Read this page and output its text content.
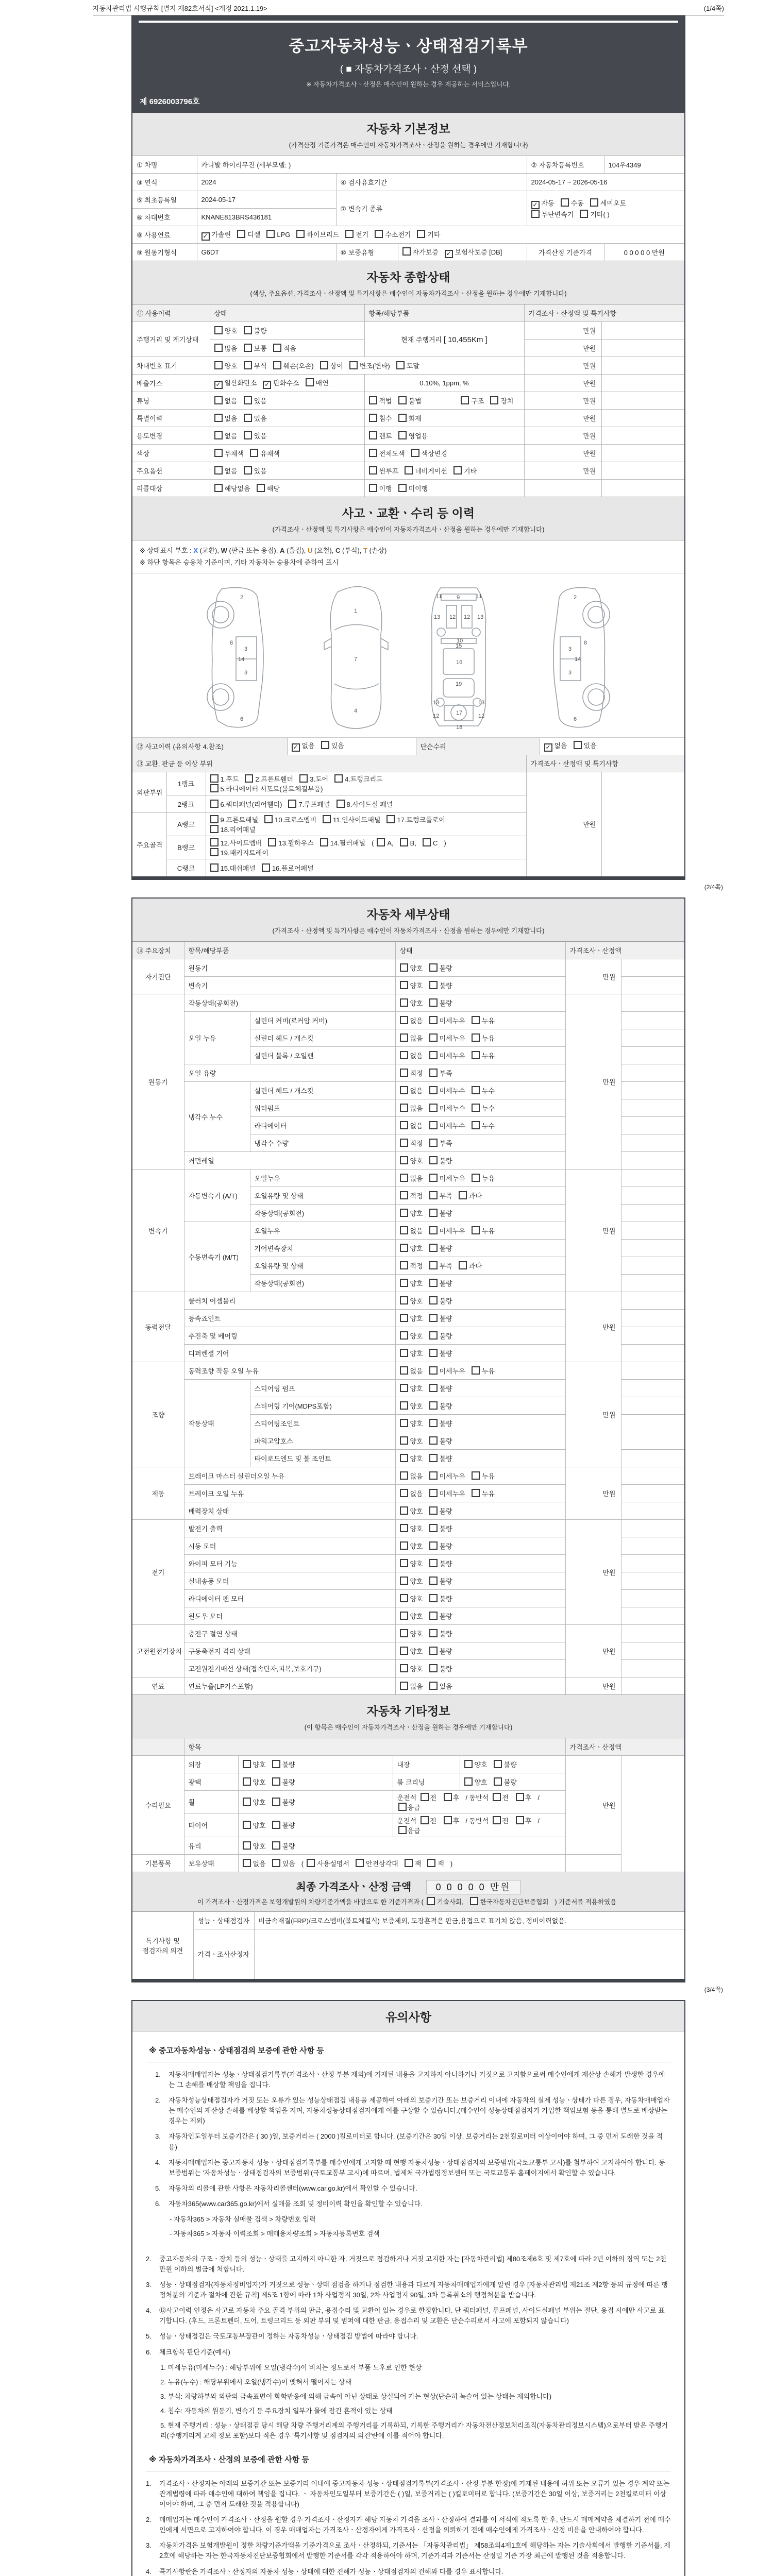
자동차관리법 시행규칙 [별지 제82호서식] <개정 2021.1.19>	(1/4쪽)
중고자동차성능ㆍ상태점검기록부
( ■ 자동차가격조사ㆍ산정 선택 )
※ 자동차가격조사ㆍ산정은 매수인이 원하는 경우 제공하는 서비스입니다.
제 6926003796호
자동차 기본정보
(가격산정 기준가격은 매수인이 자동차가격조사ㆍ산정을 원하는 경우에만 기재합니다)
① 차명	카니발 하이리무진 (세부모델: )			② 자동차등록번호	104우4349
③ 연식	2024	④ 검사유효기간		2024-05-17 ~ 2026-05-16	
⑤ 최초등록일	2024-05-17	⑦ 변속기 종류		✓ 자동 수동 세미오토
무단변속기 기타( )	
⑥ 차대번호	KNANE813BRS436181				
⑧ 사용연료	✓ 가솔린 디젤 LPG 하이브리드 전기 수소전기 기타				
⑨ 원동기형식	G6DT	⑩ 보증유형	자가보증 ✓ 보험사보증 [DB]	가격산정 기준가격	0 0 0 0 0 만원
자동차 종합상태
(색상, 주요옵션, 가격조사ㆍ산정액 및 특기사항은 매수인이 자동차가격조사ㆍ산정을 원하는 경우에만 기재합니다)
⑪ 사용이력	상태	항목/해당부품	가격조사ㆍ산정액 및 특기사항	
주행거리 및 계기상태	양호 불량	현재 주행거리 [ 10,455Km ]	만원	
	많음 보통 적음		만원	
차대번호 표기	양호 부식 훼손(오손) 상이 변조(변타) 도말		만원	
배출가스	✓ 일산화탄소 ✓ 탄화수소 매연	0.10%, 1ppm, %	만원	
튜닝	없음 있음	적법 불법 구조 장치	만원	
특별이력	없음 있음	침수 화재	만원	
용도변경	없음 있음	렌트 영업용	만원	
색상	무채색 유채색	전체도색 색상변경	만원	
주요옵션	없음 있음	썬루프 네비게이션 기타	만원	
리콜대상	해당없음 해당	이행 미이행		
사고ㆍ교환ㆍ수리 등 이력
(가격조사ㆍ산정액 및 특기사항은 매수인이 자동차가격조사ㆍ산정을 원하는 경우에만 기재합니다)
※ 상태표시 부호 : X (교환), W (판금 또는 용접), A (흠집), U (요철), C (부식), T (손상)
※ 하단 항목은 승용차 기준이며, 기타 자동차는 승용차에 준하여 표시
2
8
3
14
3
6
1
7
4
11	9	11
13 12 12 13
10
15
16
19
13	13
12	17	12
18
2
8
3
14
3
6
⑫ 사고이력 (유의사항 4.참조)	✓ 없음 있음	단순수리	✓ 없음 있음
⑬ 교환, 판금 등 이상 부위			가격조사ㆍ산정액 및 특기사항	
외판부위	1랭크	1.후드 2.프론트휀더 3.도어 4.트렁크리드
5.라디에이터 서포트(볼트체결부품)	만원	
	2랭크	6.쿼터패널(리어휀더) 7.루프패널 8.사이드실 패널		
주요골격	A랭크	9.프론트패널 10.크로스멤버 11.인사이드패널 17.트렁크플로어
18.리어패널		
	B랭크	12.사이드멤버 13.휠하우스 14.필러패널 ( A, B, C )
19.패키지트레이		
	C랭크	15.대쉬패널 16.플로어패널		
(2/4쪽)
자동차 세부상태
(가격조사ㆍ산정액 및 특기사항은 매수인이 자동차가격조사ㆍ산정을 원하는 경우에만 기재합니다)
⑭ 주요장치	항목/해당부품		상태	가격조사ㆍ산정액	
자기진단	원동기		양호 불량	만원	
	변속기		양호 불량		
원동기	작동상태(공회전)		양호 불량	만원	
	오일 누유	실린더 커버(로커암 커버)	없음 미세누유 누유		
		실린더 헤드 / 개스킷	없음 미세누유 누유		
		실린더 블록 / 오일팬	없음 미세누유 누유		
	오일 유량		적정 부족		
	냉각수 누수	실린더 헤드 / 개스킷	없음 미세누수 누수		
		워터펌프	없음 미세누수 누수		
		라디에이터	없음 미세누수 누수		
		냉각수 수량	적정 부족		
	커먼레일		양호 불량		
변속기	자동변속기 (A/T)	오일누유	없음 미세누유 누유	만원	
		오일유량 및 상태	적정 부족 과다		
		작동상태(공회전)	양호 불량		
	수동변속기 (M/T)	오일누유	없음 미세누유 누유		
		기어변속장치	양호 불량		
		오일유량 및 상태	적정 부족 과다		
		작동상태(공회전)	양호 불량		
동력전달	클러치 어셈블리		양호 불량	만원	
	등속죠인트		양호 불량		
	추진축 및 베어링		양호 불량		
	디퍼렌셜 기어		양호 불량		
조향	동력조향 작동 오일 누유		없음 미세누유 누유	만원	
	작동상태	스티어링 펌프	양호 불량		
		스티어링 기어(MDPS포함)	양호 불량		
		스티어링조인트	양호 불량		
		파워고압호스	양호 불량		
		타이로드엔드 및 볼 조인트	양호 불량		
제동	브레이크 마스터 실린더오일 누유		없음 미세누유 누유	만원	
	브레이크 오일 누유		없음 미세누유 누유		
	배력장치 상태		양호 불량		
전기	발전기 출력		양호 불량	만원	
	시동 모터		양호 불량		
	와이퍼 모터 기능		양호 불량		
	실내송풍 모터		양호 불량		
	라디에이터 팬 모터		양호 불량		
	윈도우 모터		양호 불량		
고전원전기장치	충전구 절연 상태		양호 불량	만원	
	구동축전지 격리 상태		양호 불량		
	고전원전기배선 상태(접속단자,피복,보호기구)		양호 불량		
연료	연료누출(LP가스포함)		없음 있음	만원	
자동차 기타정보
(이 항목은 매수인이 자동차가격조사ㆍ산정을 원하는 경우에만 기재합니다)
	항목				가격조사ㆍ산정액	
수리필요	외장	양호 불량	내장	양호 불량	만원	
	광택	양호 불량	룸 크리닝	양호 불량		
	휠	양호 불량	운전석 전 후 / 동반석 전 후 /응급			
	타이어	양호 불량	운전석 전 후 / 동반석 전 후 /응급			
	유리	양호 불량				
기본품목	보유상태	없음 있음 ( 사용설명서 안전삼각대 잭 잭 )				
최종 가격조사ㆍ산정 금액	0 0 0 0 0 만원
이 가격조사ㆍ산정가격은 보험개발원의 차량기준가액을 바탕으로 한 기준가격과 ( 기술사회,	한국자동차진단보증협회 ) 기준서를 적용하였음
특기사항 및 점검자의 의견	성능ㆍ상태점검자	비금속재질(FRP)/크로스멤버(볼트체결식) 보증제외, 도장흔적은 판금,용접으로 표기치 않음, 정비이력없음.
	가격ㆍ조사산정자	
(3/4쪽)
유의사항
※ 중고자동차성능ㆍ상태점검의 보증에 관한 사항 등
1.	자동차매매업자는 성능ㆍ상태점검기록부(가격조사ㆍ산정 부분 제외)에 기재된 내용을 고지하지 아니하거나 거짓으로 고지함으로써 매수인에게 재산상 손해가 발생한 경우에는 그 손해를 배상할 책임을 집니다.
2.	자동차성능상태점검자가 거짓 또는 오류가 있는 성능상태점검 내용을 제공하여 아래의 보증기간 또는 보증거리 이내에 자동차의 실제 성능ㆍ상태가 다른 경우, 자동차매매업자는 매수인의 재산상 손해를 배상할 책임을 지며, 자동차성능상태점검자에게 이를 구상할 수 있습니다.(매수인이 성능상태점검자가 가입한 책임보험 등을 통해 별도로 배상받는 경우는 제외)
3.	자동차인도일부터 보증기간은 ( 30 )일, 보증거리는 ( 2000 )킬로미터로 합니다. (보증기간은 30일 이상, 보증거리는 2천킬로미터 이상이어야 하며, 그 중 먼저 도래한 것을 적용)
4.	자동차매매업자는 중고자동차 성능ㆍ상태점검기록부를 매수인에게 고지할 때 현행 자동차성능ㆍ상태점검자의 보증범위(국토교통부 고시)를 첨부하여 고지하여야 합니다. 동 보증범위는 '자동차성능ㆍ상태점검자의 보증범위'(국토교통부 고시)에 따르며, 법제처 국가법령정보센터 또는 국토교통부 홈페이지에서 확인할 수 있습니다.
5.	자동차의 리콜에 관한 사항은 자동차리콜센터(www.car.go.kr)에서 확인할 수 있습니다.
6.	자동차365(www.car365.go.kr)에서 실매물 조회 및 정비이력 확인을 확인할 수 있습니다.
- 자동차365 > 자동차 실매물 검색 > 차량번호 입력
- 자동차365 > 자동차 이력조회 > 매매용차량조회 > 자동차등록번호 검색
2.	중고자동차의 구조ㆍ장치 등의 성능ㆍ상태를 고지하지 아니한 자, 거짓으로 점검하거나 거짓 고지한 자는 [자동차관리법] 제80조제6호 및 제7호에 따라 2년 이하의 징역 또는 2천만원 이하의 벌금에 처합니다.
3.	성능ㆍ상태점검자(자동차정비업자)가 거짓으로 성능ㆍ상태 점검을 하거나 점검한 내용과 다르게 자동차매매업자에게 알린 경우 [자동차관리법 제21조 제2항 등의 규정에 따른 행정처분의 기준과 절차에 관한 규칙] 제5조 1항에 따라 1차 사업정지 30일, 2차 사업정지 90일, 3차 등록취소의 행정처분을 받습니다.
4.	⑫사고이력 인정은 사고로 자동차 주요 골격 부위의 판금, 용접수리 및 교환이 있는 경우로 한정합니다. 단 쿼터패널, 루프패널, 사이드실패널 부위는 절단, 용접 시에만 사고로 표기합니다. (후드, 프론트펜더, 도어, 트렁크리드 등 외판 부위 및 범퍼에 대한 판금, 용접수리 및 교환은 단순수리로서 사고에 포함되지 않습니다)
5.	성능ㆍ상태점검은 국토교통부장관이 정하는 자동차성능ㆍ상태점검 방법에 따라야 합니다.
6.	체크항목 판단기준(예시)
1. 미세누유(미세누수) : 해당부위에 오일(냉각수)이 비치는 정도로서 부품 노후로 인한 현상
2. 누유(누수) : 해당부위에서 오일(냉각수)이 맺혀서 떨어지는 상태
3. 부식: 차량하부와 외판의 금속표면이 화학반응에 의해 금속이 아닌 상태로 상실되어 가는 현상(단순히 녹슬어 있는 상태는 제외합니다)
4. 침수: 자동차의 원동기, 변속기 등 주요장치 일부가 물에 잠긴 흔적이 있는 상태
5. 현재 주행거리 : 성능ㆍ상태점검 당시 해당 차량 주행거리계의 주행거리를 기록하되, 기록한 주행거리가 자동차전산정보처리조직(자동차관리정보시스템)으로부터 받은 주행거리(주행거리계 교체 정보 포함)보다 적은 경우 '특기사항 및 점검자의 의견'란에 이를 적어야 합니다.
※ 자동차가격조사ㆍ산정의 보증에 관한 사항 등
1.	가격조사ㆍ산정자는 아래의 보증기간 또는 보증거리 이내에 중고자동차 성능ㆍ상태점검기록부(가격조사ㆍ산정 부분 한정)에 기재된 내용에 허위 또는 오류가 있는 경우 계약 또는 관계법령에 따라 매수인에 대하여 책임을 집니다. ㆍ 자동차인도일부터 보증기간은 ( )일, 보증거리는 ( )킬로미터로 합니다. (보증기간은 30일 이상, 보증거리는 2천킬로미터 이상이어야 하며, 그 중 먼저 도래한 것을 적용합니다)
2.	매매업자는 매수인이 가격조사ㆍ산정을 원할 경우 가격조사ㆍ산정자가 해당 자동차 가격을 조사ㆍ산정하여 결과를 이 서식에 적도록 한 후, 반드시 매매계약을 체결하기 전에 매수인에게 서면으로 고지하여야 합니다. 이 경우 매매업자는 가격조사ㆍ산정자에게 가격조사ㆍ산정을 의뢰하기 전에 매수인에게 가격조사ㆍ산정 비용을 안내하여야 합니다.
3.	자동차가격은 보험개발원이 정한 차량기준가액을 기준가격으로 조사ㆍ산정하되, 기준서는 「자동차관리법」 제58조의4제1호에 해당하는 자는 기술사회에서 발행한 기준서를, 제2호에 해당하는 자는 한국자동차진단보증협회에서 발행한 기준서를 각각 적용하여야 하며, 기준가격과 기준서는 산정일 기준 가장 최근에 발행된 것을 적용합니다.
4.	특기사항란은 가격조사ㆍ산정자의 자동차 성능ㆍ상태에 대한 견해가 성능ㆍ상태점검자의 견해와 다를 경우 표시합니다.
